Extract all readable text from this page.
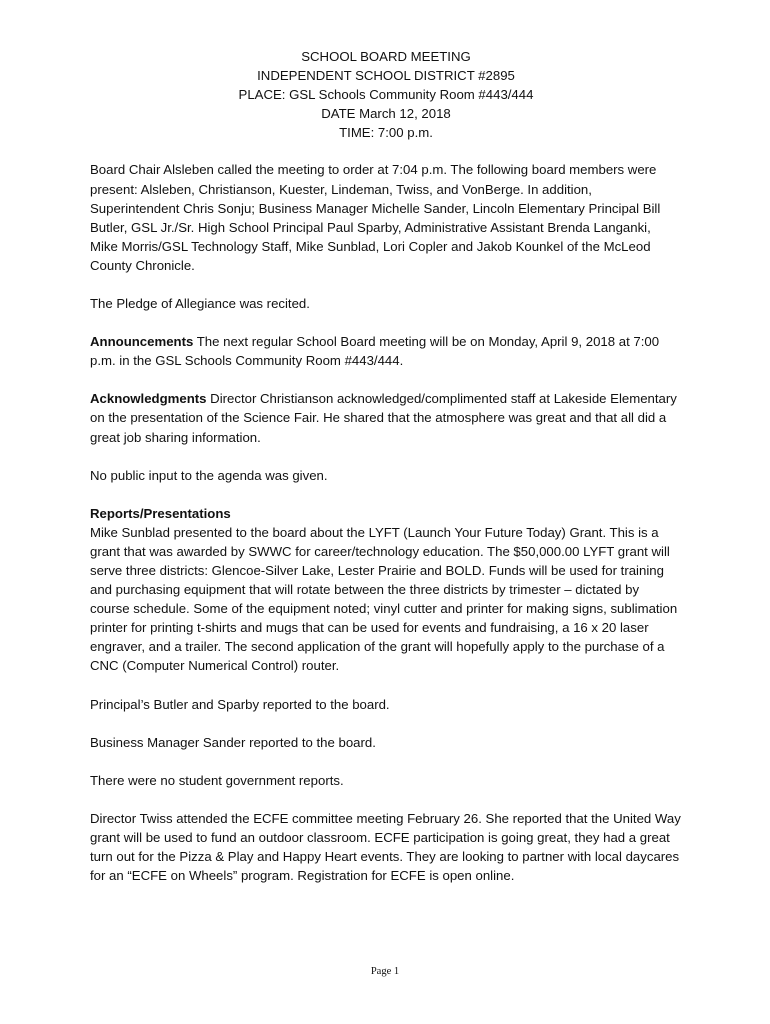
SCHOOL BOARD MEETING
INDEPENDENT SCHOOL DISTRICT #2895
PLACE: GSL Schools Community Room #443/444
DATE March 12, 2018
TIME: 7:00 p.m.

Board Chair Alsleben called the meeting to order at 7:04 p.m. The following board members were present: Alsleben, Christianson, Kuester, Lindeman, Twiss, and VonBerge. In addition, Superintendent Chris Sonju; Business Manager Michelle Sander, Lincoln Elementary Principal Bill Butler, GSL Jr./Sr. High School Principal Paul Sparby, Administrative Assistant Brenda Langanki, Mike Morris/GSL Technology Staff, Mike Sunblad, Lori Copler and Jakob Kounkel of the McLeod County Chronicle.

The Pledge of Allegiance was recited.

Announcements The next regular School Board meeting will be on Monday, April 9, 2018 at 7:00 p.m. in the GSL Schools Community Room #443/444.

Acknowledgments Director Christianson acknowledged/complimented staff at Lakeside Elementary on the presentation of the Science Fair. He shared that the atmosphere was great and that all did a great job sharing information.

No public input to the agenda was given.

Reports/Presentations
Mike Sunblad presented to the board about the LYFT (Launch Your Future Today) Grant. This is a grant that was awarded by SWWC for career/technology education. The $50,000.00 LYFT grant will serve three districts: Glencoe-Silver Lake, Lester Prairie and BOLD. Funds will be used for training and purchasing equipment that will rotate between the three districts by trimester – dictated by course schedule. Some of the equipment noted; vinyl cutter and printer for making signs, sublimation printer for printing t-shirts and mugs that can be used for events and fundraising, a 16 x 20 laser engraver, and a trailer. The second application of the grant will hopefully apply to the purchase of a CNC (Computer Numerical Control) router.

Principal’s Butler and Sparby reported to the board.

Business Manager Sander reported to the board.

There were no student government reports.

Director Twiss attended the ECFE committee meeting February 26. She reported that the United Way grant will be used to fund an outdoor classroom. ECFE participation is going great, they had a great turn out for the Pizza & Play and Happy Heart events. They are looking to partner with local daycares for an “ECFE on Wheels” program. Registration for ECFE is open online.

Page 1
